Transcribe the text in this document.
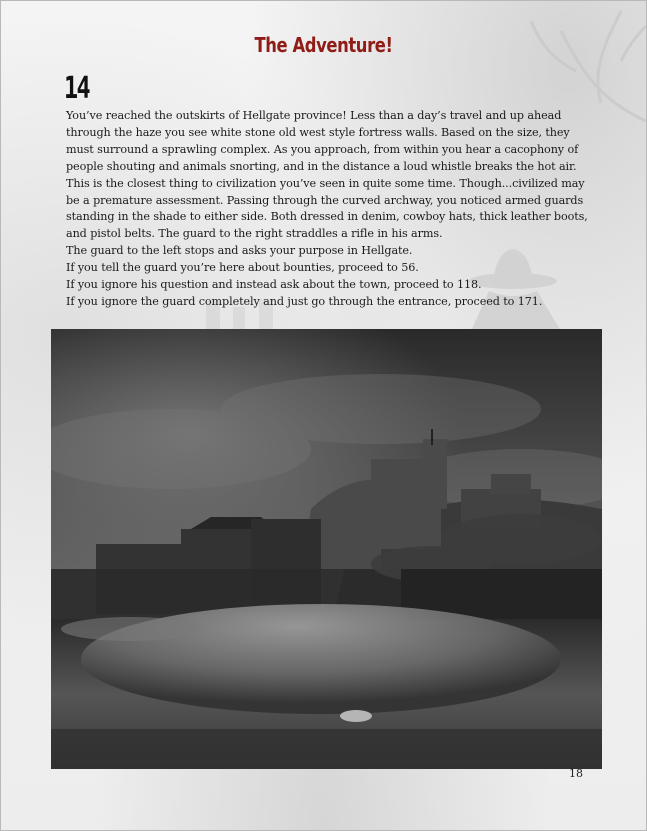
The Adventure!
14

You’ve reached the outskirts of Hellgate province! Less than a day’s travel and up ahead through the haze you see white stone old west style fortress walls. Based on the size, they must surround a sprawling complex. As you approach, from within you hear a cacophony of people shouting and animals snorting, and in the distance a loud whistle breaks the hot air.

This is the closest thing to civilization you’ve seen in quite some time. Though...civilized may be a premature assessment. Passing through the curved archway, you noticed armed guards standing in the shade to either side. Both dressed in denim, cowboy hats, thick leather boots, and pistol belts. The guard to the right straddles a rifle in his arms.

The guard to the left stops and asks your purpose in Hellgate.

If you tell the guard you’re here about bounties, proceed to 56.

If you ignore his question and instead ask about the town, proceed to 118.

If you ignore the guard completely and just go through the entrance, proceed to 171.

18
